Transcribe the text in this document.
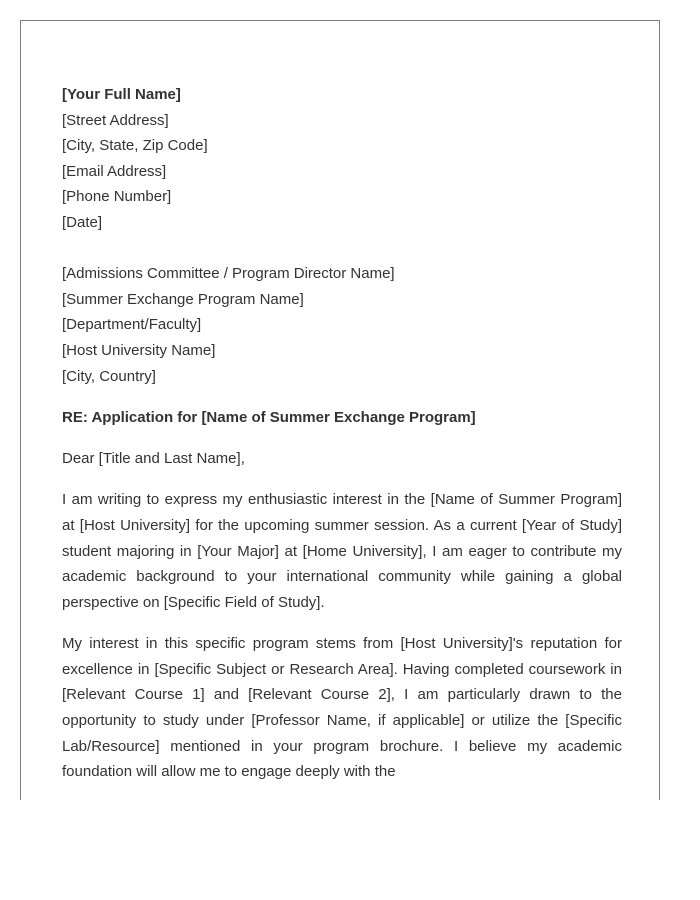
[Your Full Name]
[Street Address]
[City, State, Zip Code]
[Email Address]
[Phone Number]
[Date]
[Admissions Committee / Program Director Name]
[Summer Exchange Program Name]
[Department/Faculty]
[Host University Name]
[City, Country]
RE: Application for [Name of Summer Exchange Program]
Dear [Title and Last Name],

I am writing to express my enthusiastic interest in the [Name of Summer Program] at [Host University] for the upcoming summer session. As a current [Year of Study] student majoring in [Your Major] at [Home University], I am eager to contribute my academic background to your international community while gaining a global perspective on [Specific Field of Study].

My interest in this specific program stems from [Host University]'s reputation for excellence in [Specific Subject or Research Area]. Having completed coursework in [Relevant Course 1] and [Relevant Course 2], I am particularly drawn to the opportunity to study under [Professor Name, if applicable] or utilize the [Specific Lab/Resource] mentioned in your program brochure. I believe my academic foundation will allow me to engage deeply with the
